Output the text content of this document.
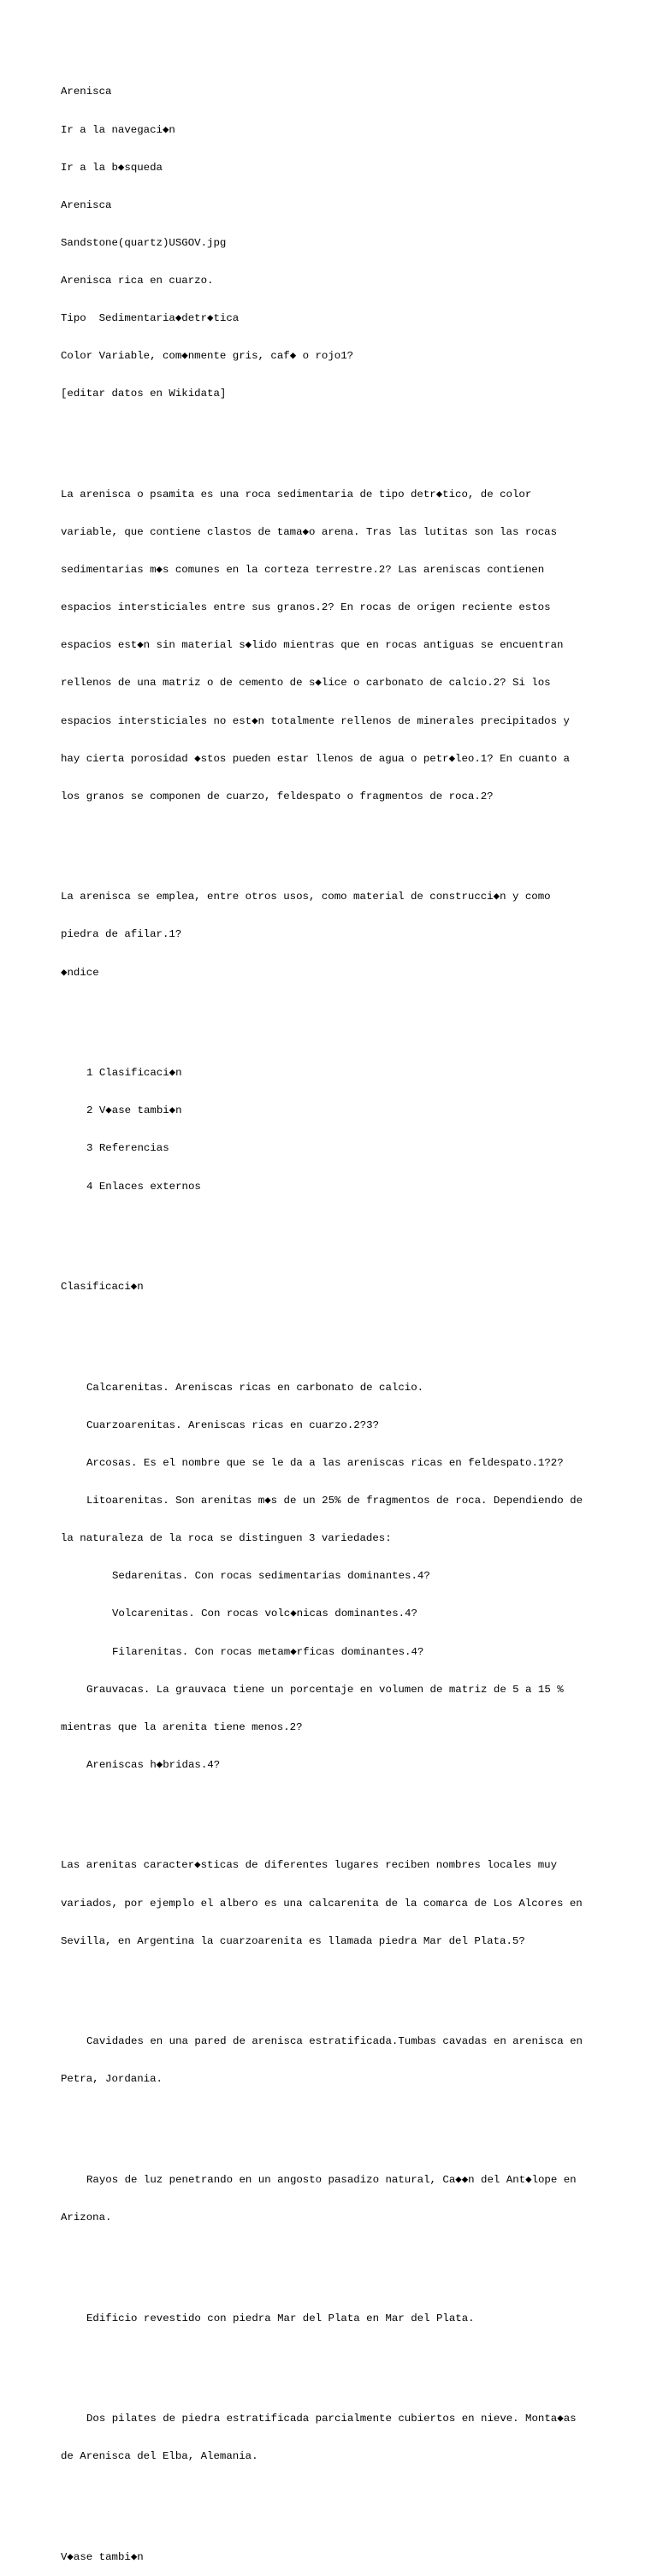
Arenisca

Ir a la navegaci◆n

Ir a la b◆squeda

Arenisca

Sandstone(quartz)USGOV.jpg

Arenisca rica en cuarzo.

Tipo  Sedimentaria◆detr◆tica

Color Variable, com◆nmente gris, caf◆ o rojo1?

[editar datos en Wikidata]

La arenisca o psamita es una roca sedimentaria de tipo detr◆tico, de color

variable, que contiene clastos de tama◆o arena. Tras las lutitas son las rocas

sedimentarias m◆s comunes en la corteza terrestre.2? Las areniscas contienen

espacios intersticiales entre sus granos.2? En rocas de origen reciente estos

espacios est◆n sin material s◆lido mientras que en rocas antiguas se encuentran

rellenos de una matriz o de cemento de s◆lice o carbonato de calcio.2? Si los

espacios intersticiales no est◆n totalmente rellenos de minerales precipitados y

hay cierta porosidad ◆stos pueden estar llenos de agua o petr◆leo.1? En cuanto a

los granos se componen de cuarzo, feldespato o fragmentos de roca.2?

La arenisca se emplea, entre otros usos, como material de construcci◆n y como

piedra de afilar.1?

◆ndice

1 Clasificaci◆n

2 V◆ase tambi◆n

3 Referencias

4 Enlaces externos

Clasificaci◆n

Calcarenitas. Areniscas ricas en carbonato de calcio.

Cuarzoarenitas. Areniscas ricas en cuarzo.2?3?

Arcosas. Es el nombre que se le da a las areniscas ricas en feldespato.1?2?

Litoarenitas. Son arenitas m◆s de un 25% de fragmentos de roca. Dependiendo de

la naturaleza de la roca se distinguen 3 variedades:

Sedarenitas. Con rocas sedimentarias dominantes.4?

Volcarenitas. Con rocas volc◆nicas dominantes.4?

Filarenitas. Con rocas metam◆rficas dominantes.4?

Grauvacas. La grauvaca tiene un porcentaje en volumen de matriz de 5 a 15 %

mientras que la arenita tiene menos.2?

Areniscas h◆bridas.4?

Las arenitas caracter◆sticas de diferentes lugares reciben nombres locales muy

variados, por ejemplo el albero es una calcarenita de la comarca de Los Alcores en

Sevilla, en Argentina la cuarzoarenita es llamada piedra Mar del Plata.5?

Cavidades en una pared de arenisca estratificada.Tumbas cavadas en arenisca en

Petra, Jordania.

Rayos de luz penetrando en un angosto pasadizo natural, Ca◆◆n del Ant◆lope en

Arizona.

Edificio revestido con piedra Mar del Plata en Mar del Plata.

Dos pilates de piedra estratificada parcialmente cubiertos en nieve. Monta◆as

de Arenisca del Elba, Alemania.

V◆ase tambi◆n
